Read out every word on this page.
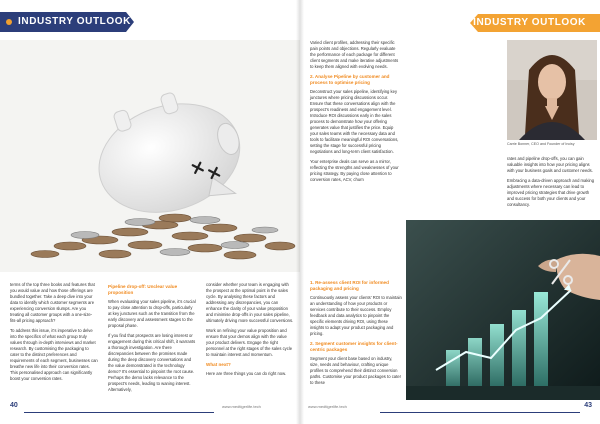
INDUSTRY OUTLOOK

terms of the top three books and features that you would value and how those offerings are bundled together. Take a deep dive into your data to identify which customer segments are experiencing conversion slumps. Are you treating all customer groups with a one-size-fits-all pricing approach?

To address this issue, it's imperative to delve into the specifics of what each group truly values through in-depth interviews and market research. By customising the packaging to cater to the distinct preferences and requirements of each segment, businesses can breathe new life into their conversion rates. This personalised approach can significantly boost your conversion rates.

Pipeline drop-off: Unclear value proposition

When evaluating your sales pipeline, it's crucial to pay close attention to drop-offs, particularly at key junctures such as the transition from the early discovery and assessment stages to the proposal phase.

If you find that prospects are losing interest or engagement during this critical shift, it warrants a thorough investigation. Are there discrepancies between the promises made during the deep discovery conversations and the value demonstrated in the technology demo? It's essential to pinpoint the root cause. Perhaps the demo lacks relevance to the prospect's needs, leading to waning interest. Alternatively,

consider whether your team is engaging with the prospect at the optimal point in the sales cycle. By analysing these factors and addressing any discrepancies, you can enhance the clarity of your value proposition and minimise drop-offs in your sales pipeline, ultimately driving more successful conversions.

Work on refining your value proposition and ensure that your demos align with the value your product delivers. Engage the right personnel at the right stages of the sales cycle to maintain interest and momentum.

What next?

Here are three things you can do right now.

40	www.medtigerlife.tech
INDUSTRY OUTLOOK

Varied client profiles, addressing their specific pain points and objections. Regularly evaluate the performance of each package for different client segments and make iterative adjustments to keep them aligned with evolving needs.

2. Analyse Pipeline by customer and process to optimise pricing

Deconstruct your sales pipeline, identifying key junctures where pricing discussions occur. Ensure that these conversations align with the prospect's readiness and engagement level. Introduce ROI discussions early in the sales process to demonstrate how your offering generates value that justifies the price. Equip your sales teams with the necessary data and tools to facilitate meaningful ROI conversations, setting the stage for successful pricing negotiations and long-term client satisfaction.

Your enterprise deals can serve as a mirror, reflecting the strengths and weaknesses of your pricing strategy. By paying close attention to conversion rates, ACV, churn

Carrie Bonner, CEO and Founder of Incisy

rates and pipeline drop-offs, you can gain valuable insights into how your pricing aligns with your business goals and customer needs.

Embracing a data-driven approach and making adjustments where necessary can lead to improved pricing strategies that drive growth and success for both your clients and your consultancy.

1. Re-assess client ROI for informed packaging and pricing

Continuously assess your clients' ROI to maintain an understanding of how your products or services contribute to their success. Employ feedback and data analytics to pinpoint the specific elements driving ROI, using these insights to adapt your product packaging and pricing.

2. Segment customer insights for client-centric packages

Segment your client base based on industry, size, needs and behaviour, crafting unique profiles to comprehend their distinct conversion paths. Customise your product packages to cater to these

43
www.medtigerlife.tech
